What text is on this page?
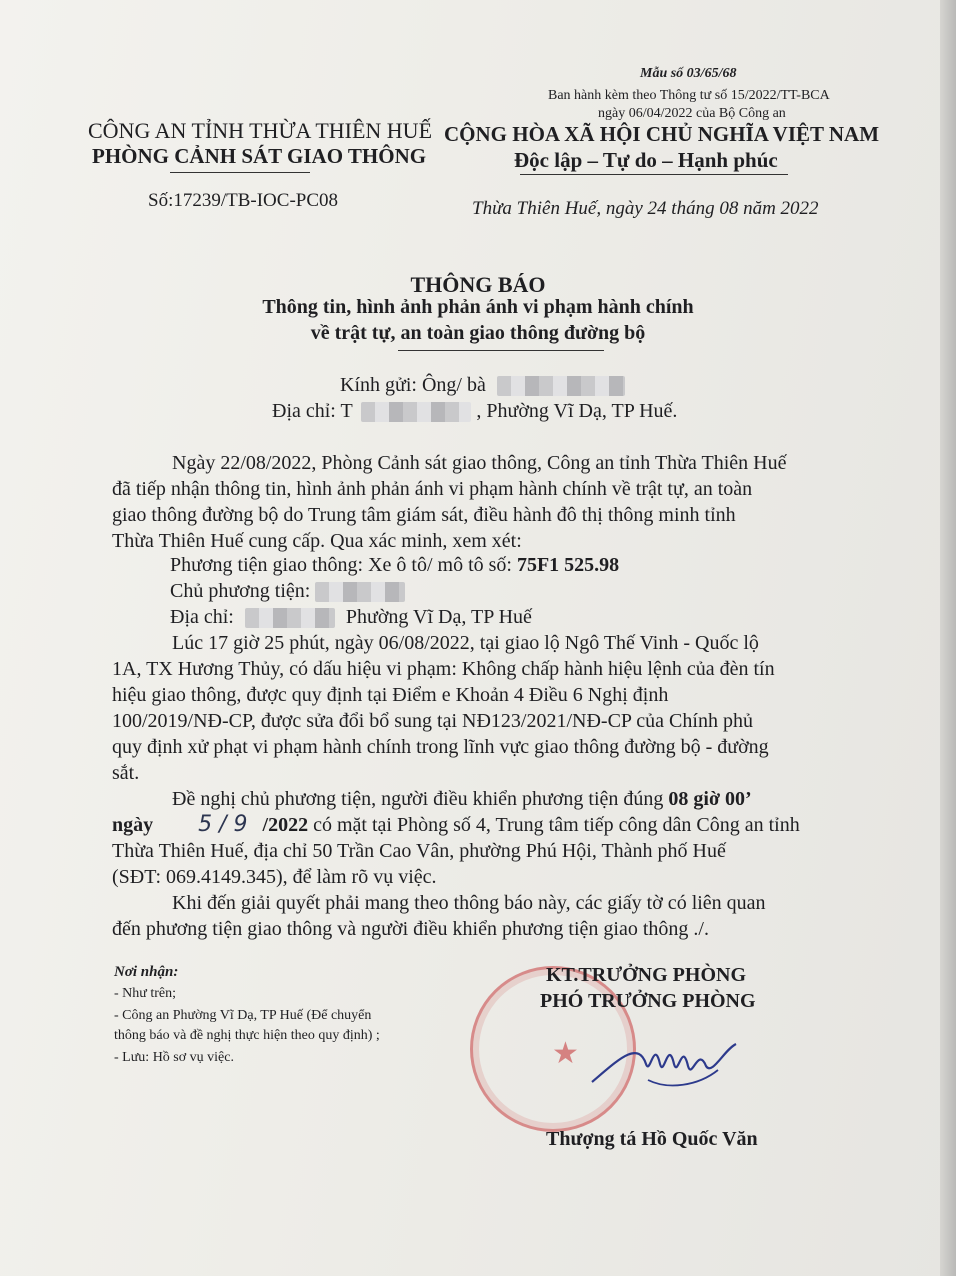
Mẫu số 03/65/68
Ban hành kèm theo Thông tư số 15/2022/TT-BCA
ngày 06/04/2022 của Bộ Công an
CÔNG AN TỈNH THỪA THIÊN HUẾ
PHÒNG CẢNH SÁT GIAO THÔNG
Số:17239/TB-IOC-PC08
CỘNG HÒA XÃ HỘI CHỦ NGHĨA VIỆT NAM
Độc lập – Tự do – Hạnh phúc
Thừa Thiên Huế, ngày 24 tháng 08 năm 2022
THÔNG BÁO
Thông tin, hình ảnh phản ánh vi phạm hành chính
về trật tự, an toàn giao thông đường bộ
Kính gửi: Ông/ bà
Địa chỉ: T	, Phường Vĩ Dạ, TP Huế.
Ngày 22/08/2022, Phòng Cảnh sát giao thông, Công an tỉnh Thừa Thiên Huế
đã tiếp nhận thông tin, hình ảnh phản ánh vi phạm hành chính về trật tự, an toàn
giao thông đường bộ do Trung tâm giám sát, điều hành đô thị thông minh tỉnh
Thừa Thiên Huế cung cấp. Qua xác minh, xem xét:
Phương tiện giao thông: Xe ô tô/ mô tô số: 75F1 525.98
Chủ phương tiện:
Địa chỉ:	Phường Vĩ Dạ, TP Huế
Lúc 17 giờ 25 phút, ngày 06/08/2022, tại giao lộ Ngô Thế Vinh - Quốc lộ
1A, TX Hương Thủy, có dấu hiệu vi phạm: Không chấp hành hiệu lệnh của đèn tín
hiệu giao thông, được quy định tại Điểm e Khoản 4 Điều 6 Nghị định
100/2019/NĐ-CP, được sửa đổi bổ sung tại NĐ123/2021/NĐ-CP của Chính phủ
quy định xử phạt vi phạm hành chính trong lĩnh vực giao thông đường bộ - đường
sắt.
Đề nghị chủ phương tiện, người điều khiển phương tiện đúng 08 giờ 00’
ngày 5 / 9 /2022 có mặt tại Phòng số 4, Trung tâm tiếp công dân Công an tỉnh
Thừa Thiên Huế, địa chỉ 50 Trần Cao Vân, phường Phú Hội, Thành phố Huế
(SĐT: 069.4149.345), để làm rõ vụ việc.
Khi đến giải quyết phải mang theo thông báo này, các giấy tờ có liên quan
đến phương tiện giao thông và người điều khiển phương tiện giao thông ./.
Nơi nhận:
- Như trên;
- Công an Phường Vĩ Dạ, TP Huế (Để chuyển
thông báo và đề nghị thực hiện theo quy định) ;
- Lưu: Hồ sơ vụ việc.	★
KT.TRƯỞNG PHÒNG
PHÓ TRƯỞNG PHÒNG
Thượng tá Hồ Quốc Văn
